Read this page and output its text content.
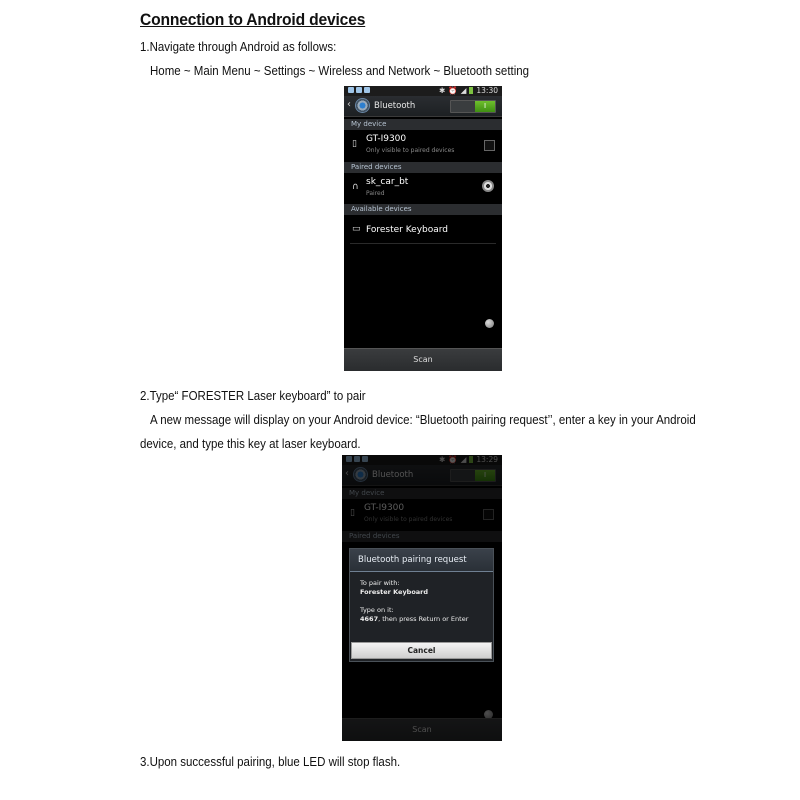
Connection to Android devices
1.Navigate through Android as follows:
Home ~ Main Menu ~ Settings ~ Wireless and Network ~ Bluetooth setting
✱ ⏰ ◢ 13:30
‹	Bluetooth	I
My device
▯ GT-I9300
Only visible to paired devices
Paired devices
∩ sk_car_bt
Paired
Available devices
▭ Forester Keyboard
Scan
2.Type“ FORESTER Laser keyboard” to pair
A new message will display on your Android device: “Bluetooth pairing request’’, enter a key in your Android
device, and type this key at laser keyboard.
✱ ⏰ ◢ 13:29
‹	Bluetooth	I
My device
▯ GT-I9300
Only visible to paired devices
Paired devices
Scan
Bluetooth pairing request
To pair with:
Forester Keyboard
Type on it:
4667, then press Return or Enter
Cancel
3.Upon successful pairing, blue LED will stop flash.
